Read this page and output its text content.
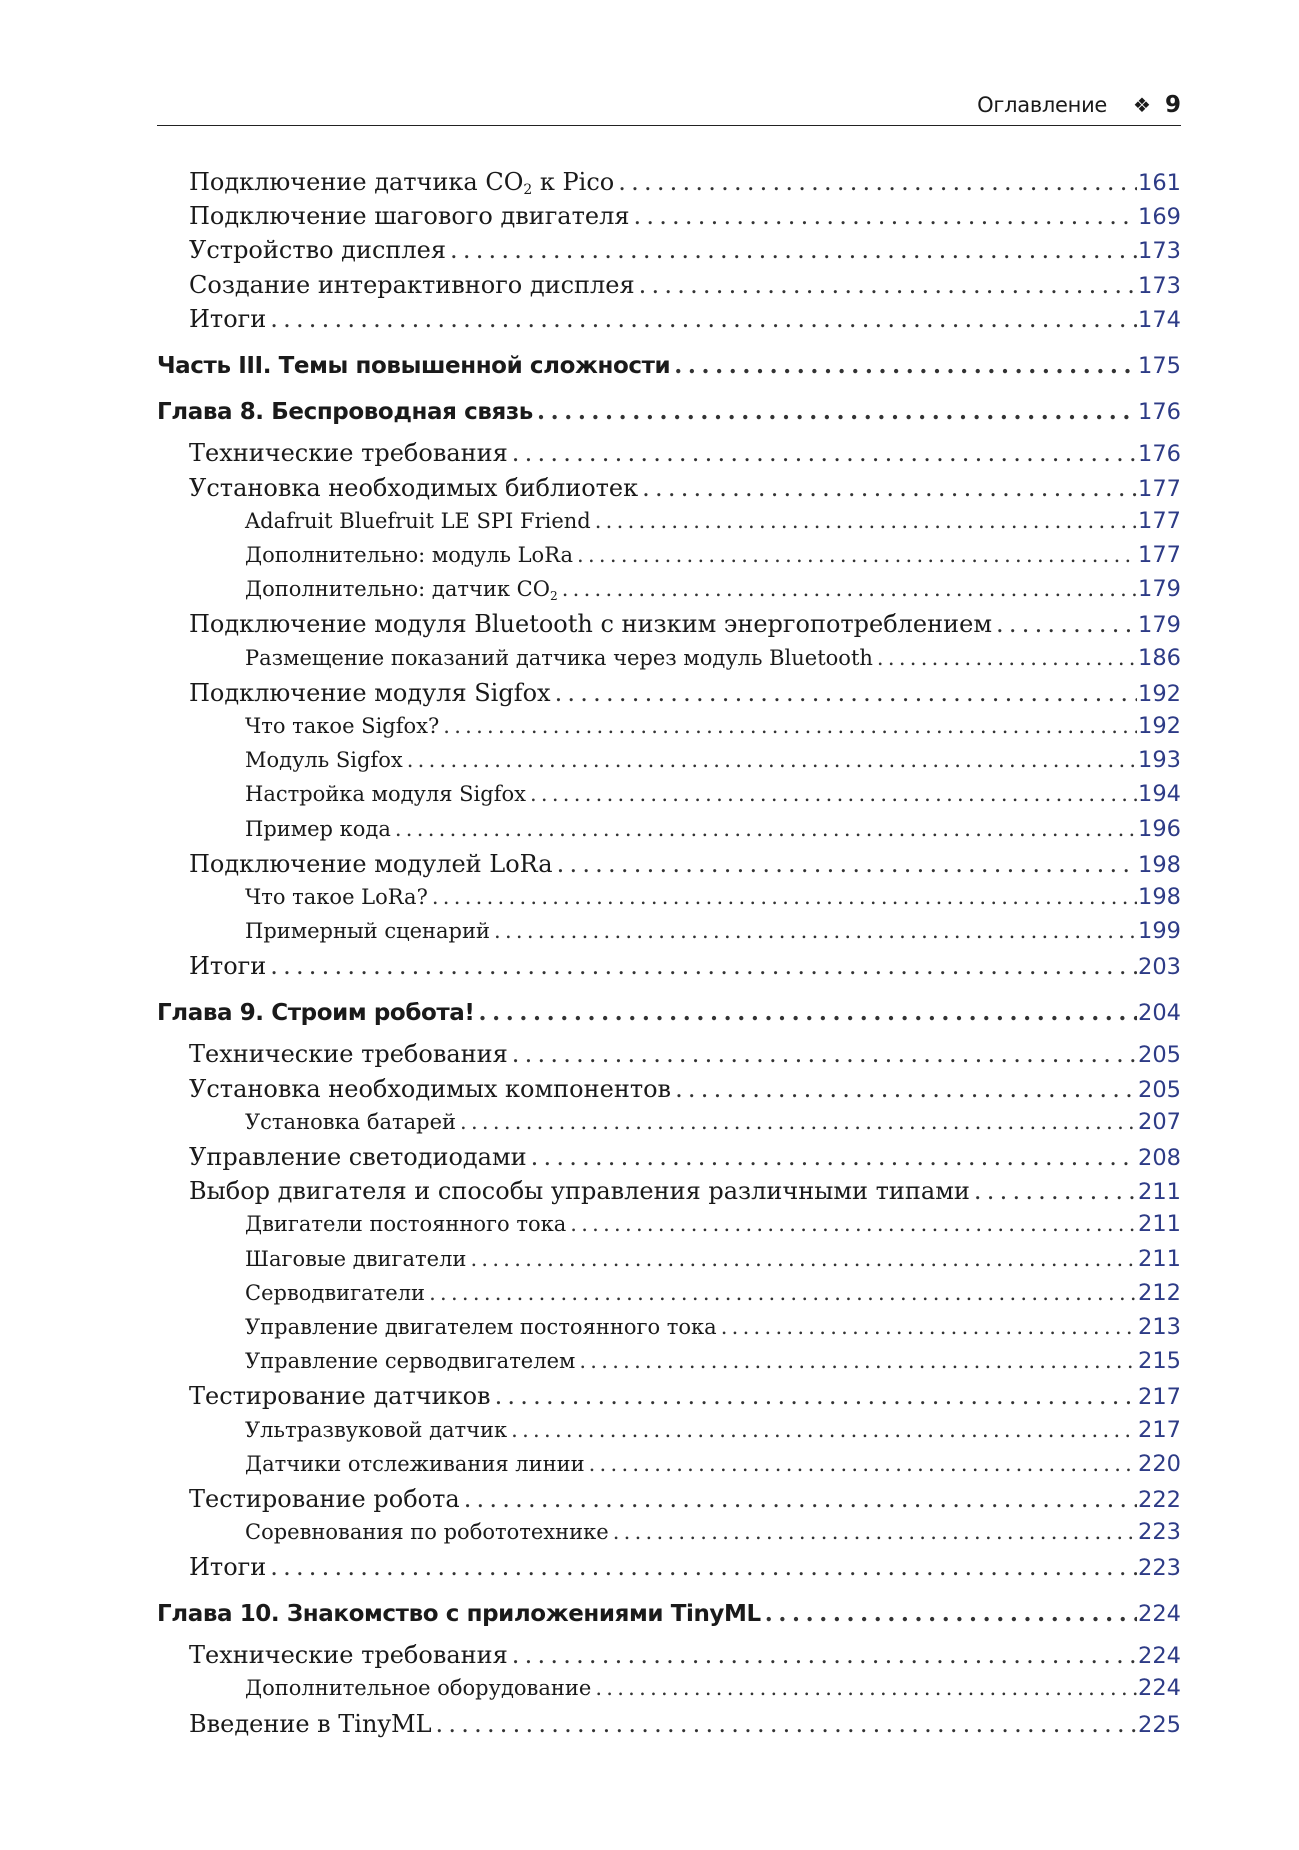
Оглавление ❖ 9
Подключение датчика $CO_2$ к Pico . . .	161
Подключение шагового двигателя . . .	169
Устройство дисплея . . .	173
Создание интерактивного дисплея . . .	173
Итоги . . .	174
Часть III. Темы повышенной сложности . . .	175
Глава 8. Беспроводная связь . . .	176
Технические требования . . .	176
Установка необходимых библиотек . . .	177
Adafruit Bluefruit LE SPI Friend . . .	177
Дополнительно: модуль LoRa . . .	177
Дополнительно: датчик $CO_2$ . . .	179
Подключение модуля Bluetooth с низким энергопотреблением . . .	179
Размещение показаний датчика через модуль Bluetooth . . .	186
Подключение модуля Sigfox . . .	192
Что такое Sigfox? . . .	192
Модуль Sigfox . . .	193
Настройка модуля Sigfox . . .	194
Пример кода . . .	196
Подключение модулей LoRa . . .	198
Что такое LoRa? . . .	198
Примерный сценарий . . .	199
Итоги . . .	203
Глава 9. Строим робота! . . .	204
Технические требования . . .	205
Установка необходимых компонентов . . .	205
Установка батарей . . .	207
Управление светодиодами . . .	208
Выбор двигателя и способы управления различными типами . . .	211
Двигатели постоянного тока . . .	211
Шаговые двигатели . . .	211
Серводвигатели . . .	212
Управление двигателем постоянного тока . . .	213
Управление серводвигателем . . .	215
Тестирование датчиков . . .	217
Ультразвуковой датчик . . .	217
Датчики отслеживания линии . . .	220
Тестирование робота . . .	222
Соревнования по робототехнике . . .	223
Итоги . . .	223
Глава 10. Знакомство с приложениями TinyML . . .	224
Технические требования . . .	224
Дополнительное оборудование . . .	224
Введение в TinyML . . .	225
